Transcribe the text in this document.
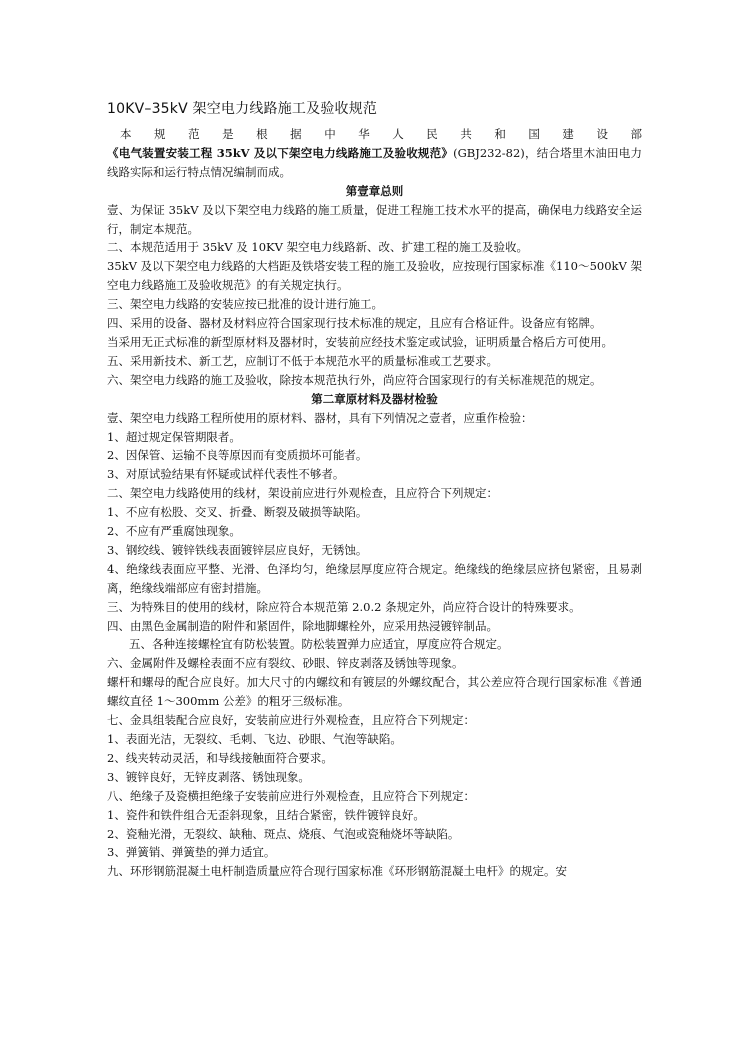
10KV–35kV 架空电力线路施工及验收规范

本规范是根据中华人民共和国建设部《电气装置安装工程 35kV 及以下架空电力线路施工及验收规范》(GBJ232-82)，结合塔里木油田电力线路实际和运行特点情况编制而成。

第壹章总则

壹、为保证 35kV 及以下架空电力线路的施工质量，促进工程施工技术水平的提高，确保电力线路安全运行，制定本规范。

二、本规范适用于 35kV 及 10KV 架空电力线路新、改、扩建工程的施工及验收。

35kV 及以下架空电力线路的大档距及铁塔安装工程的施工及验收，应按现行国家标准《110～500kV 架空电力线路施工及验收规范》的有关规定执行。

三、架空电力线路的安装应按已批准的设计进行施工。

四、采用的设备、器材及材料应符合国家现行技术标准的规定，且应有合格证件。设备应有铭牌。

当采用无正式标准的新型原材料及器材时，安装前应经技术鉴定或试验，证明质量合格后方可使用。

五、采用新技术、新工艺，应制订不低于本规范水平的质量标准或工艺要求。

六、架空电力线路的施工及验收，除按本规范执行外，尚应符合国家现行的有关标准规范的规定。

第二章原材料及器材检验

壹、架空电力线路工程所使用的原材料、器材，具有下列情况之壹者，应重作检验：

1、超过规定保管期限者。

2、因保管、运输不良等原因而有变质损坏可能者。

3、对原试验结果有怀疑或试样代表性不够者。

二、架空电力线路使用的线材，架设前应进行外观检查，且应符合下列规定：

1、不应有松股、交叉、折叠、断裂及破损等缺陷。

2、不应有严重腐蚀现象。

3、钢绞线、镀锌铁线表面镀锌层应良好，无锈蚀。

4、绝缘线表面应平整、光滑、色泽均匀，绝缘层厚度应符合规定。绝缘线的绝缘层应挤包紧密，且易剥离，绝缘线端部应有密封措施。

三、为特殊目的使用的线材，除应符合本规范第 2.0.2 条规定外，尚应符合设计的特殊要求。

四、由黑色金属制造的附件和紧固件，除地脚螺栓外，应采用热浸镀锌制品。

五、各种连接螺栓宜有防松装置。防松装置弹力应适宜，厚度应符合规定。

六、金属附件及螺栓表面不应有裂纹、砂眼、锌皮剥落及锈蚀等现象。

螺杆和螺母的配合应良好。加大尺寸的内螺纹和有镀层的外螺纹配合，其公差应符合现行国家标准《普通螺纹直径 1～300mm 公差》的粗牙三级标准。

七、金具组装配合应良好，安装前应进行外观检查，且应符合下列规定：

1、表面光洁，无裂纹、毛刺、飞边、砂眼、气泡等缺陷。

2、线夹转动灵活，和导线接触面符合要求。

3、镀锌良好，无锌皮剥落、锈蚀现象。

八、绝缘子及瓷横担绝缘子安装前应进行外观检查，且应符合下列规定：

1、瓷件和铁件组合无歪斜现象，且结合紧密，铁件镀锌良好。

2、瓷釉光滑，无裂纹、缺釉、斑点、烧痕、气泡或瓷釉烧坏等缺陷。

3、弹簧销、弹簧垫的弹力适宜。

九、环形钢筋混凝土电杆制造质量应符合现行国家标准《环形钢筋混凝土电杆》的规定。安
